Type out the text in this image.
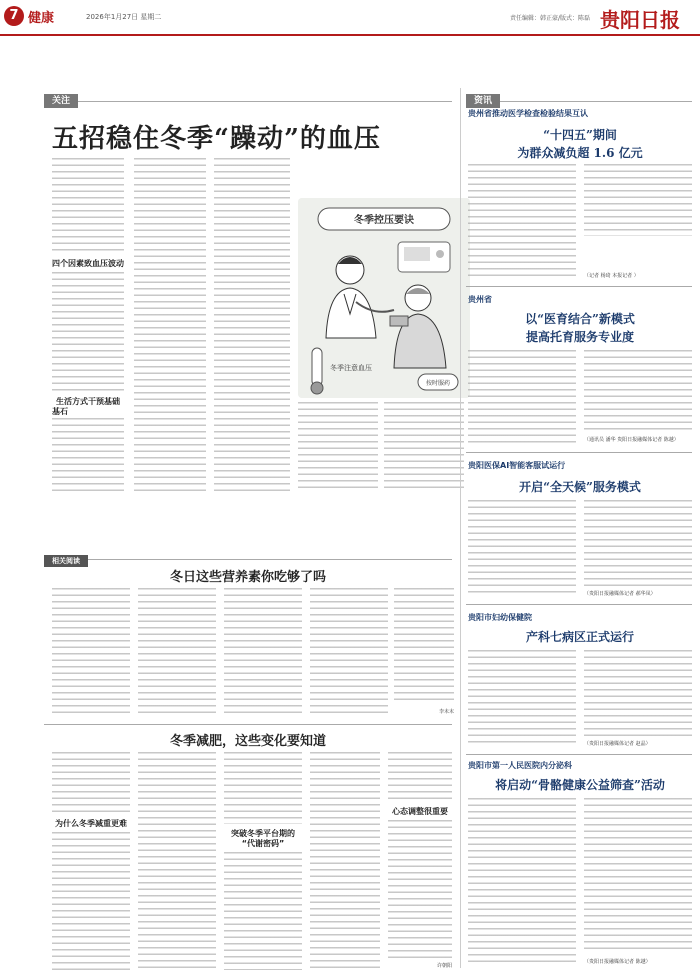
7 健康	2026年1月27日 星期二	责任编辑：韩正豪/版式：陈磊 贵阳日报
关注
五招稳住冬季“躁动”的血压
四个因素致血压波动
生活方式干预基础
基石
冬季控压要诀
冬季注意血压
按时服药
相关阅读
冬日这些营养素你吃够了吗
李未末
冬季减肥，这些变化要知道
为什么冬季减重更难
突破冬季平台期的
“代谢密码”
心态调整很重要
许朝阳
资讯
贵州省推动医学检查检验结果互认
“十四五”期间
为群众减负超 1.6 亿元
（记者 杨琦 本报记者 ）
贵州省
以“医育结合”新模式
提高托育服务专业度
（通讯员 潘华 贵阳日报融媒体记者 陈越）
贵阳医保AI智能客服试运行
开启“全天候”服务模式
（贵阳日报融媒体记者 郝华凤）
贵阳市妇幼保健院
产科七病区正式运行
（贵阳日报融媒体记者 赵晶）
贵阳市第一人民医院内分泌科
将启动“骨骼健康公益筛查”活动
（贵阳日报融媒体记者 陈越）
